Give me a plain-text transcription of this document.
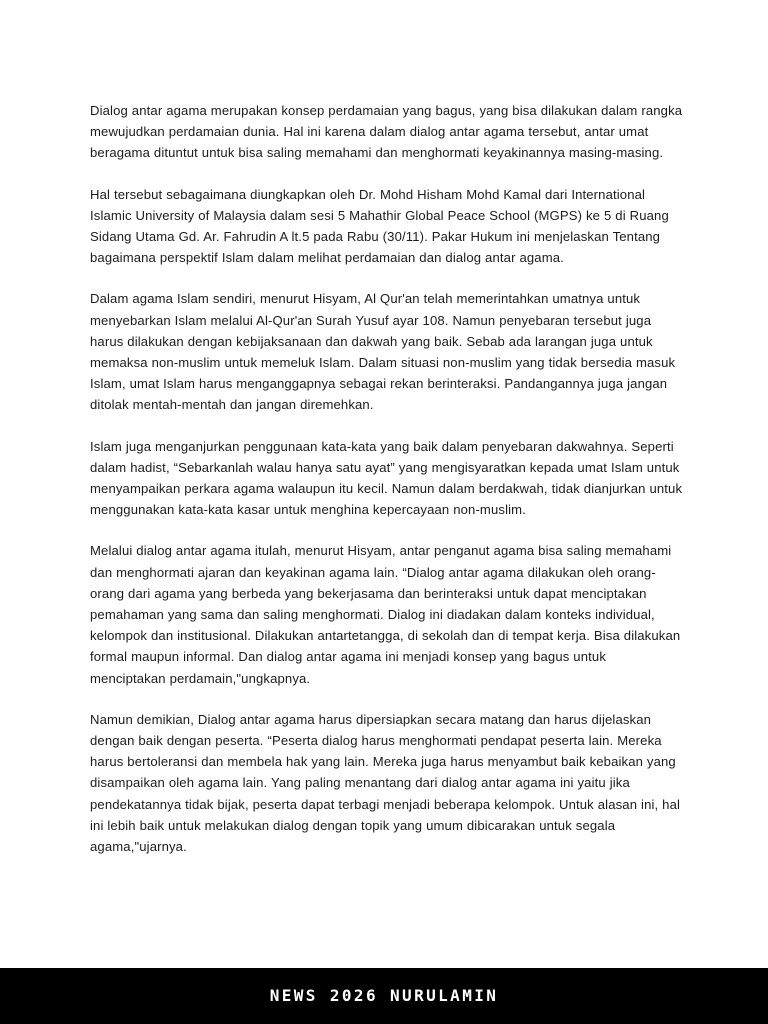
Dialog antar agama merupakan konsep perdamaian yang bagus, yang bisa dilakukan dalam rangka mewujudkan perdamaian dunia. Hal ini karena dalam dialog antar agama tersebut, antar umat beragama dituntut untuk bisa saling memahami dan menghormati keyakinannya masing-masing.

Hal tersebut sebagaimana diungkapkan oleh Dr. Mohd Hisham Mohd Kamal dari International Islamic University of Malaysia dalam sesi 5 Mahathir Global Peace School (MGPS) ke 5 di Ruang Sidang Utama Gd. Ar. Fahrudin A lt.5 pada Rabu (30/11). Pakar Hukum ini menjelaskan Tentang bagaimana perspektif Islam dalam melihat perdamaian dan dialog antar agama.

Dalam agama Islam sendiri, menurut Hisyam, Al Qur'an telah memerintahkan umatnya untuk menyebarkan Islam melalui Al-Qur'an Surah Yusuf ayar 108. Namun penyebaran tersebut juga harus dilakukan dengan kebijaksanaan dan dakwah yang baik. Sebab ada larangan juga untuk memaksa non-muslim untuk memeluk Islam. Dalam situasi non-muslim yang tidak bersedia masuk Islam, umat Islam harus menganggapnya sebagai rekan berinteraksi. Pandangannya juga jangan ditolak mentah-mentah dan jangan diremehkan.

Islam juga menganjurkan penggunaan kata-kata yang baik dalam penyebaran dakwahnya. Seperti dalam hadist, “Sebarkanlah walau hanya satu ayat” yang mengisyaratkan kepada umat Islam untuk menyampaikan perkara agama walaupun itu kecil. Namun dalam berdakwah, tidak dianjurkan untuk menggunakan kata-kata kasar untuk menghina kepercayaan non-muslim.

Melalui dialog antar agama itulah, menurut Hisyam, antar penganut agama bisa saling memahami dan menghormati ajaran dan keyakinan agama lain. “Dialog antar agama dilakukan oleh orang-orang dari agama yang berbeda yang bekerjasama dan berinteraksi untuk dapat menciptakan pemahaman yang sama dan saling menghormati. Dialog ini diadakan dalam konteks individual, kelompok dan institusional. Dilakukan antartetangga, di sekolah dan di tempat kerja. Bisa dilakukan formal maupun informal. Dan dialog antar agama ini menjadi konsep yang bagus untuk menciptakan perdamain,"ungkapnya.

Namun demikian, Dialog antar agama harus dipersiapkan secara matang dan harus dijelaskan dengan baik dengan peserta. “Peserta dialog harus menghormati pendapat peserta lain. Mereka harus bertoleransi dan membela hak yang lain. Mereka juga harus menyambut baik kebaikan yang disampaikan oleh agama lain. Yang paling menantang dari dialog antar agama ini yaitu jika pendekatannya tidak bijak, peserta dapat terbagi menjadi beberapa kelompok. Untuk alasan ini, hal ini lebih baik untuk melakukan dialog dengan topik yang umum dibicarakan untuk segala agama,"ujarnya.

NEWS 2026 NURULAMIN
